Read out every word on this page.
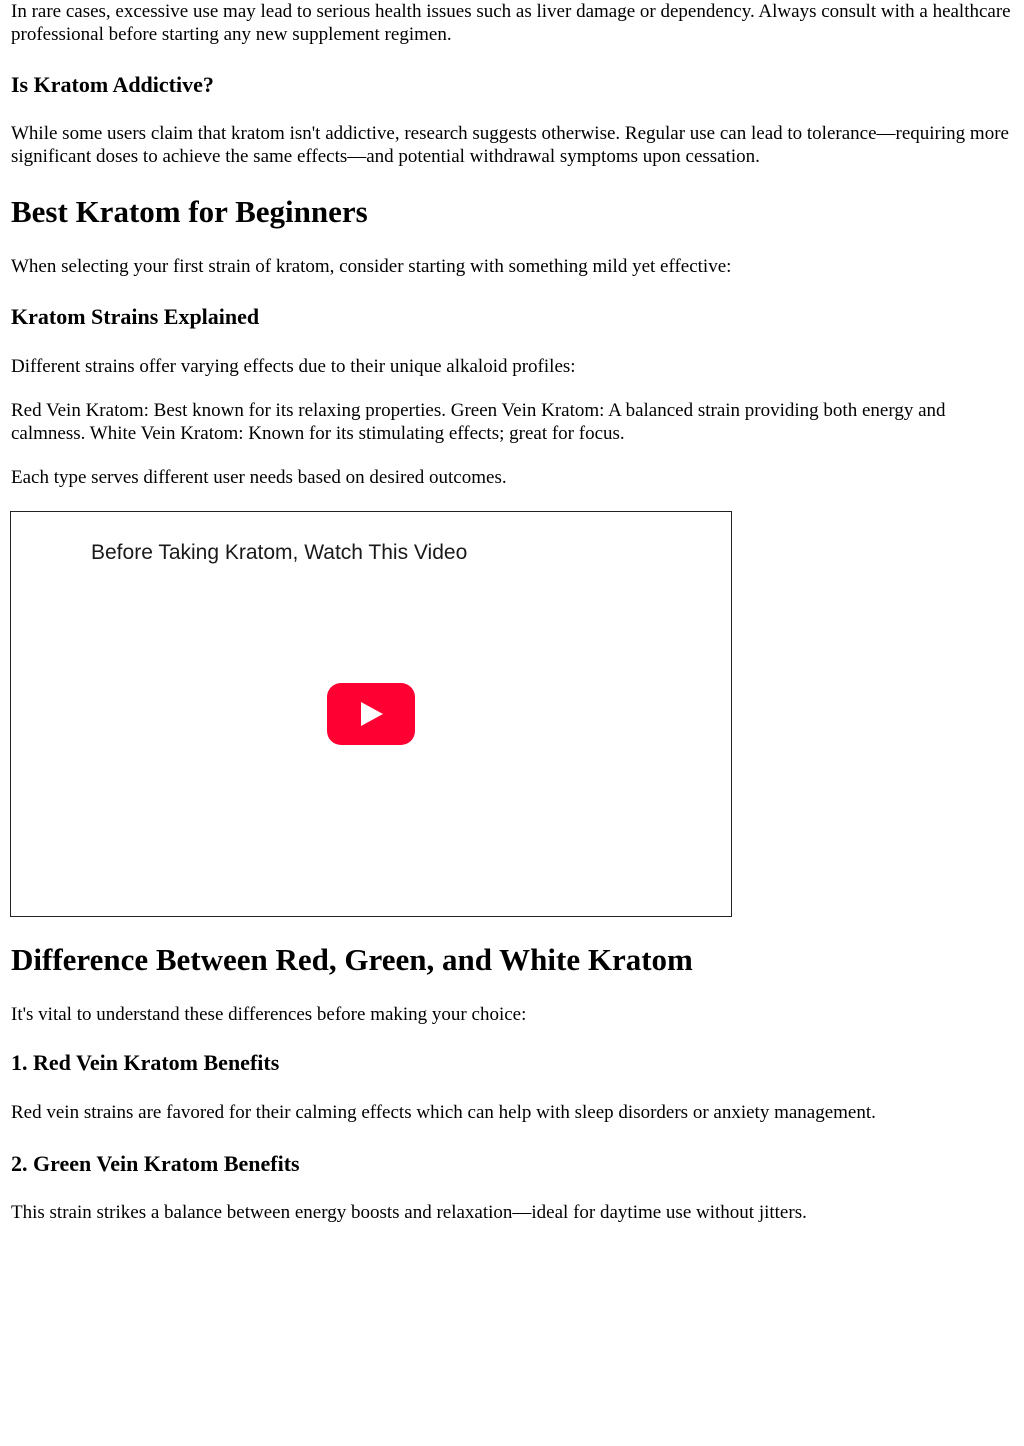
In rare cases, excessive use may lead to serious health issues such as liver damage or dependency. Always consult with a healthcare professional before starting any new supplement regimen.

Is Kratom Addictive?

While some users claim that kratom isn't addictive, research suggests otherwise. Regular use can lead to tolerance—requiring more significant doses to achieve the same effects—and potential withdrawal symptoms upon cessation.

Best Kratom for Beginners

When selecting your first strain of kratom, consider starting with something mild yet effective:

Kratom Strains Explained

Different strains offer varying effects due to their unique alkaloid profiles:

Red Vein Kratom: Best known for its relaxing properties. Green Vein Kratom: A balanced strain providing both energy and calmness. White Vein Kratom: Known for its stimulating effects; great for focus.

Each type serves different user needs based on desired outcomes.

Difference Between Red, Green, and White Kratom

It's vital to understand these differences before making your choice:

1. Red Vein Kratom Benefits

Red vein strains are favored for their calming effects which can help with sleep disorders or anxiety management.

2. Green Vein Kratom Benefits

This strain strikes a balance between energy boosts and relaxation—ideal for daytime use without jitters.

Before Taking Kratom, Watch This Video
